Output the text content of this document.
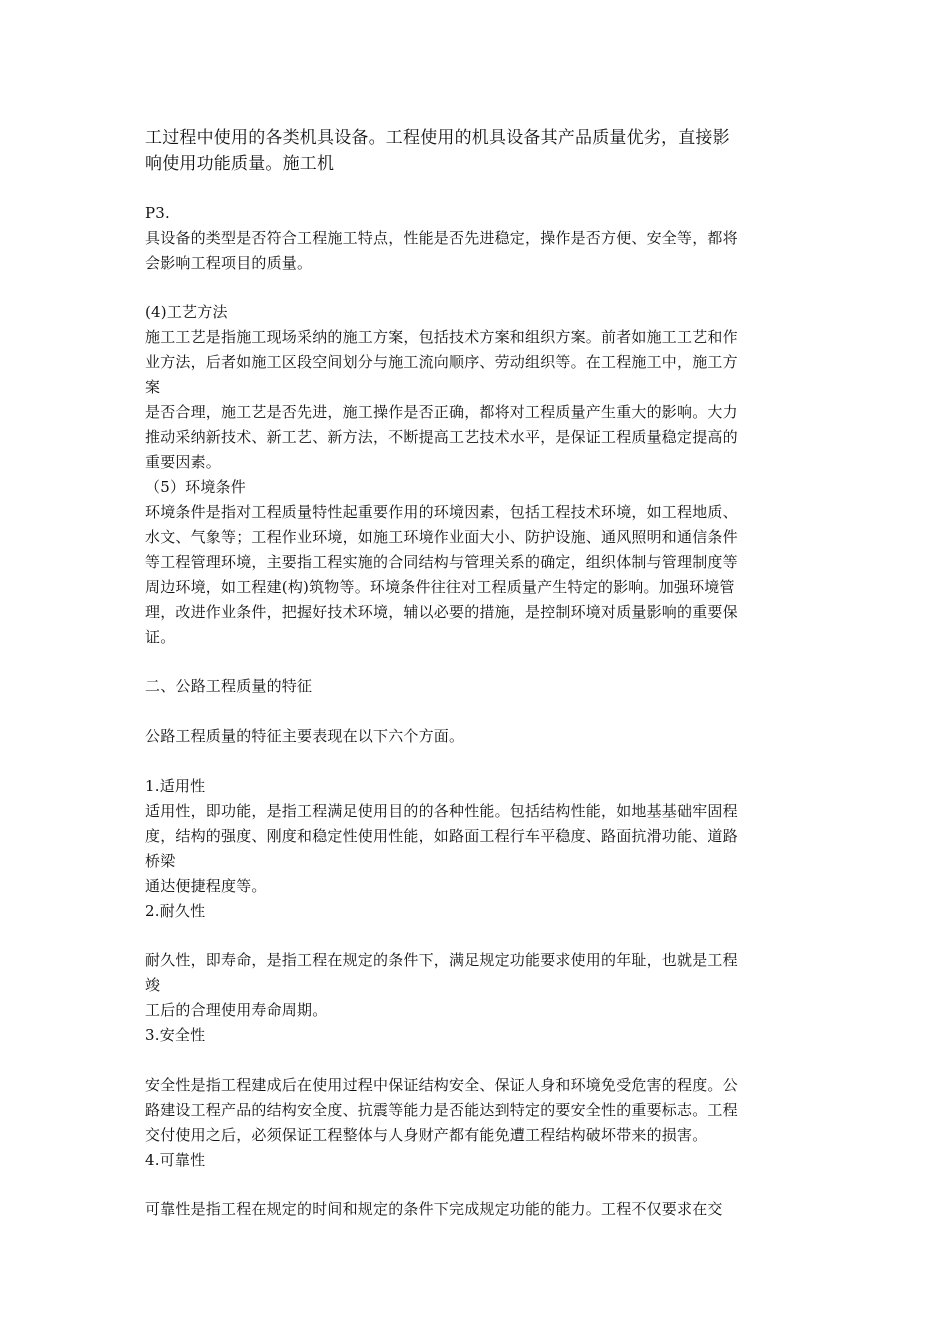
工过程中使用的各类机具设备。工程使用的机具设备其产品质量优劣，直接影
响使用功能质量。施工机
P3.
具设备的类型是否符合工程施工特点，性能是否先进稳定，操作是否方便、安全等，都将
会影响工程项目的质量。
(4)工艺方法
施工工艺是指施工现场采纳的施工方案，包括技术方案和组织方案。前者如施工工艺和作
业方法，后者如施工区段空间划分与施工流向顺序、劳动组织等。在工程施工中，施工方
案
是否合理，施工艺是否先进，施工操作是否正确，都将对工程质量产生重大的影响。大力
推动采纳新技术、新工艺、新方法，不断提高工艺技术水平，是保证工程质量稳定提高的
重要因素。
（5）环境条件
环境条件是指对工程质量特性起重要作用的环境因素，包括工程技术环境，如工程地质、
水文、气象等；工程作业环境，如施工环境作业面大小、防护设施、通风照明和通信条件
等工程管理环境，主要指工程实施的合同结构与管理关系的确定，组织体制与管理制度等
周边环境，如工程建(构)筑物等。环境条件往往对工程质量产生特定的影响。加强环境管
理，改进作业条件，把握好技术环境，辅以必要的措施，是控制环境对质量影响的重要保
证。
二、公路工程质量的特征
公路工程质量的特征主要表现在以下六个方面。
1.适用性
适用性，即功能，是指工程满足使用目的的各种性能。包括结构性能，如地基基础牢固程
度，结构的强度、刚度和稳定性使用性能，如路面工程行车平稳度、路面抗滑功能、道路
桥梁
通达便捷程度等。
2.耐久性
耐久性，即寿命，是指工程在规定的条件下，满足规定功能要求使用的年耻，也就是工程
竣
工后的合理使用寿命周期。
3.安全性
安全性是指工程建成后在使用过程中保证结构安全、保证人身和环境免受危害的程度。公
路建设工程产品的结构安全度、抗震等能力是否能达到特定的要安全性的重要标志。工程
交付使用之后，必须保证工程整体与人身财产都有能免遭工程结构破坏带来的损害。
4.可靠性
可靠性是指工程在规定的时间和规定的条件下完成规定功能的能力。工程不仅要求在交
